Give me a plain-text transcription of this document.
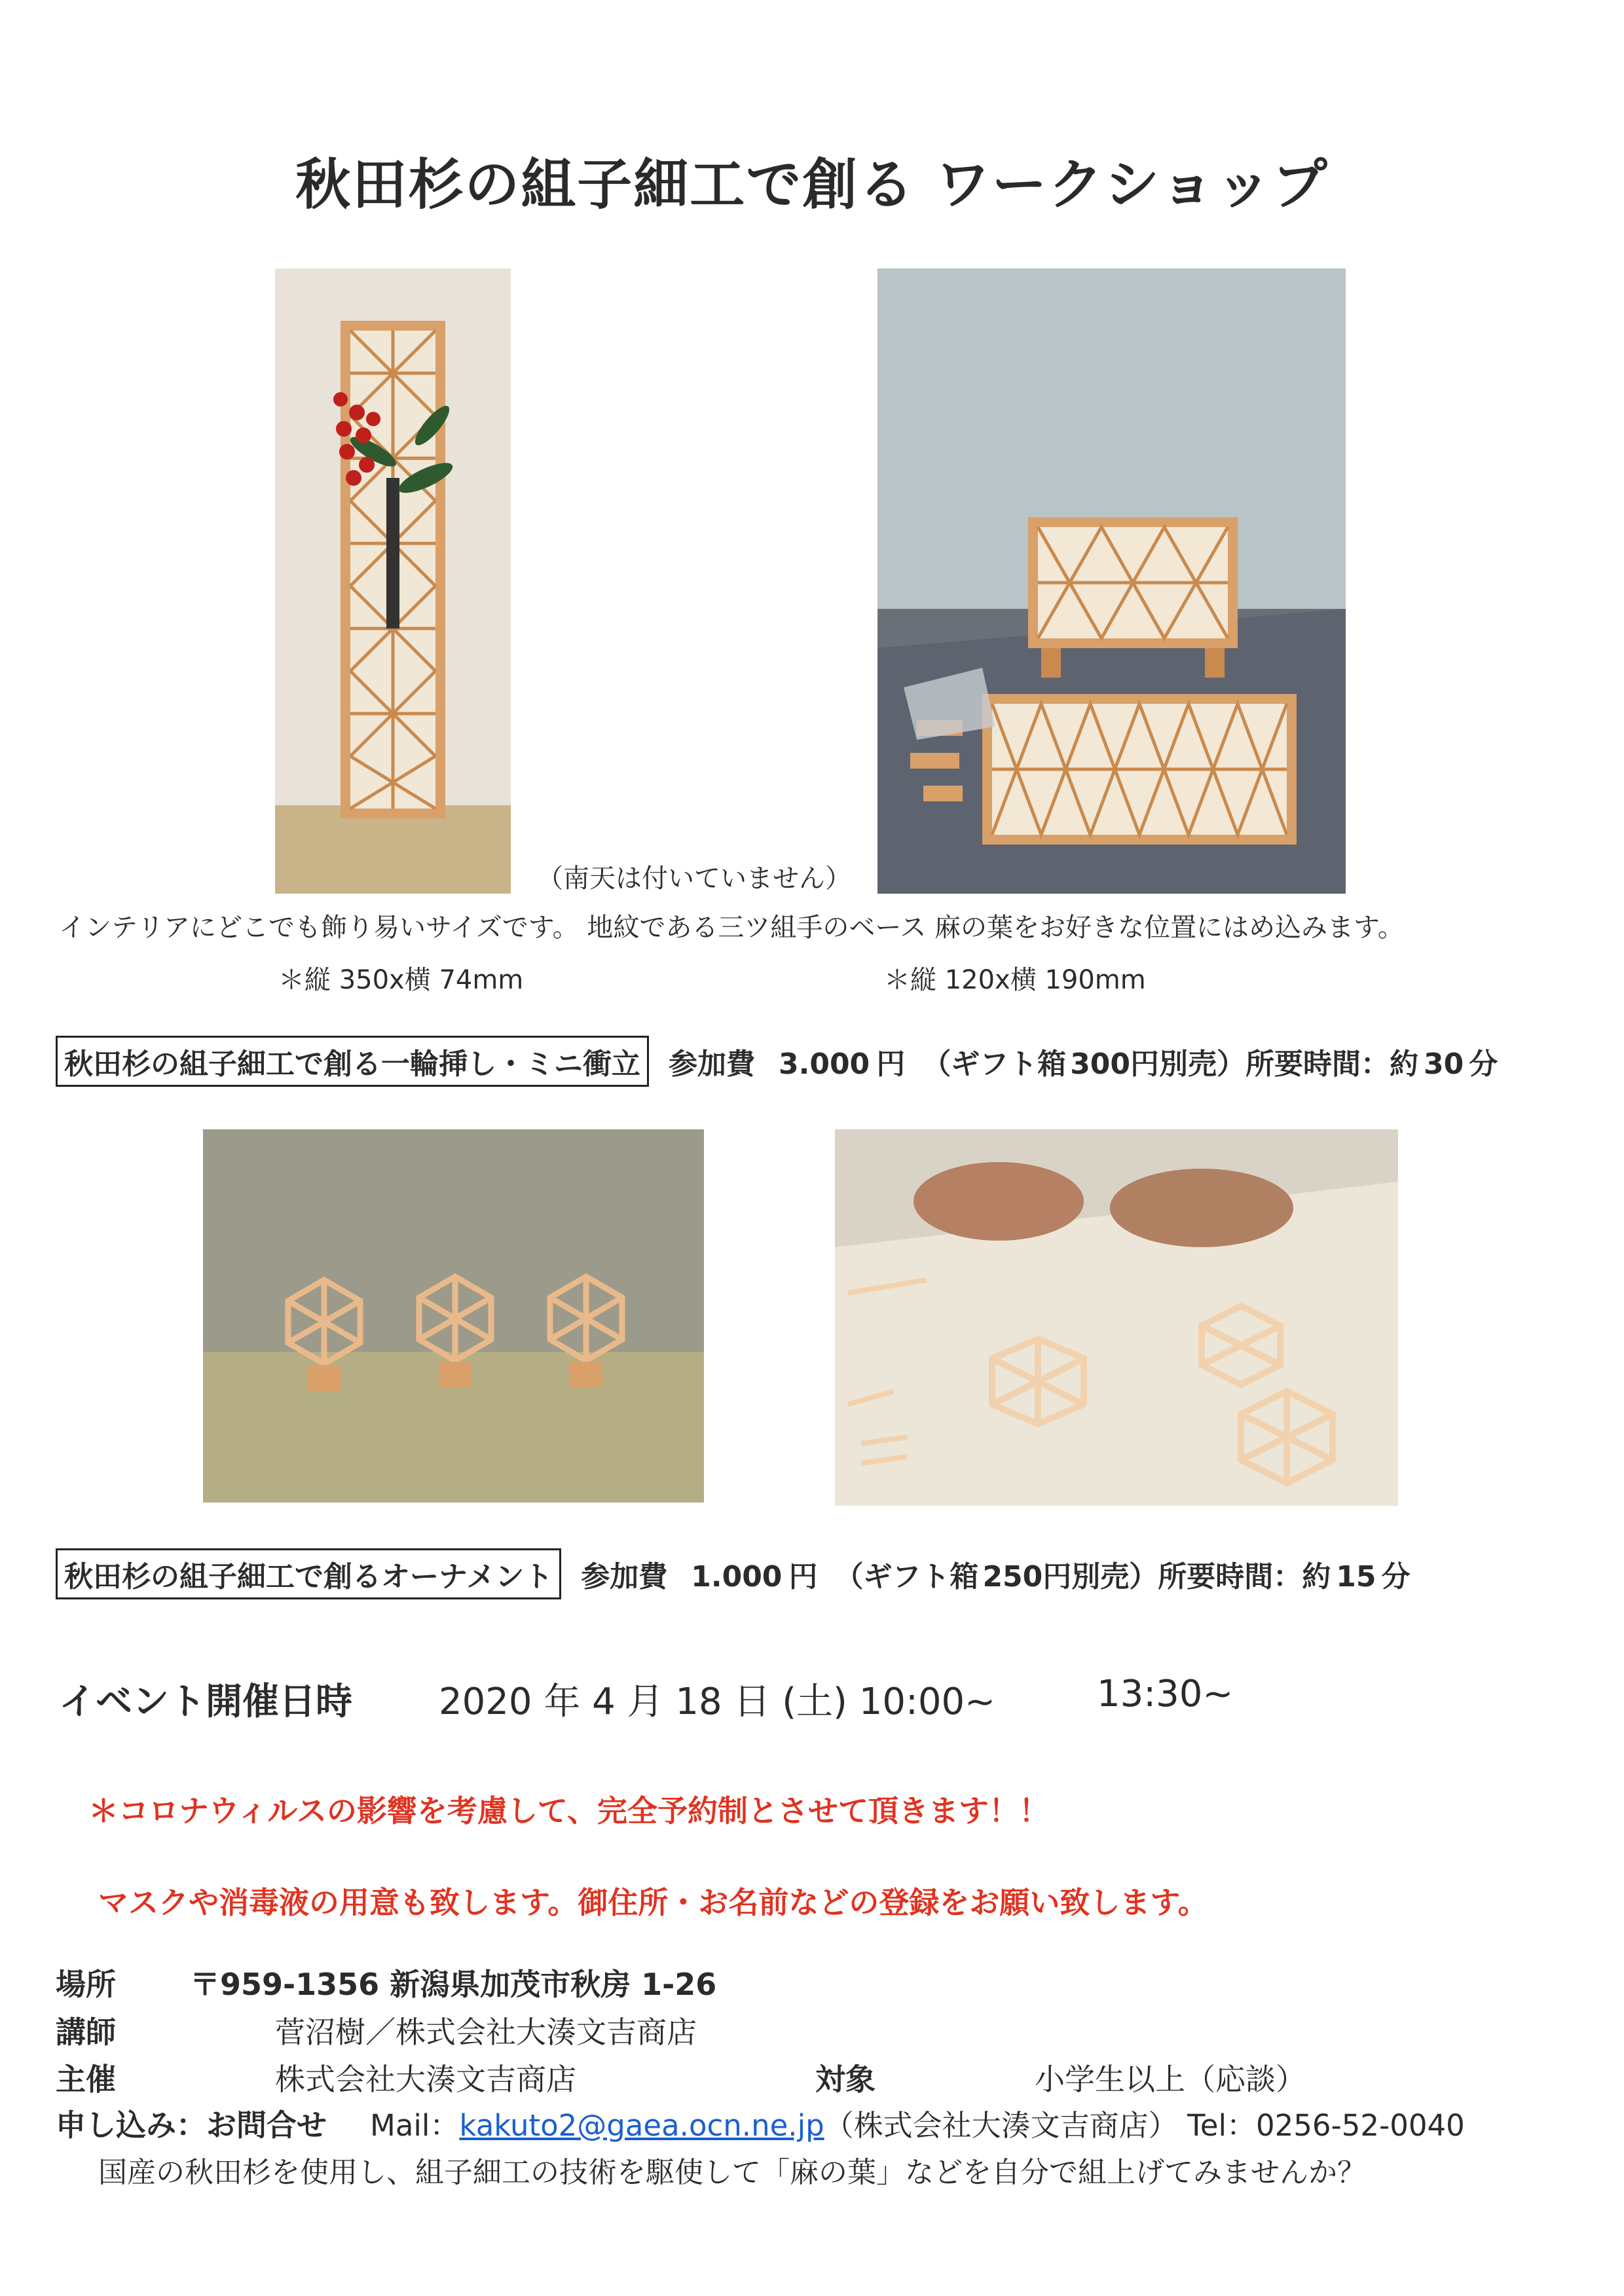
秋田杉の組子細工で創る ワークショップ
（南天は付いていません）
インテリアにどこでも飾り易いサイズです。 地紋である三ツ組手のベース 麻の葉をお好きな位置にはめ込みます。
＊縦 350x横 74mm	＊縦 120x横 190mm
秋田杉の組子細工で創る一輪挿し・ミニ衝立 参加費 3.000 円 （ギフト箱 300 円別売）所要時間：約 30 分
秋田杉の組子細工で創るオーナメント 参加費 1.000 円 （ギフト箱 250 円別売）所要時間：約 15 分
イベント開催日時 2020 年 4 月 18 日 (土) 10:00~	13:30~
＊コロナウィルスの影響を考慮して、完全予約制とさせて頂きます！！
マスクや消毒液の用意も致します。御住所・お名前などの登録をお願い致します。
場所 〒959-1356 新潟県加茂市秋房 1-26
講師	菅沼樹／株式会社大湊文吉商店
主催	株式会社大湊文吉商店	対象	小学生以上（応談）
申し込み：お問合せ Mail： kakuto2@gaea.ocn.ne.jp （株式会社大湊文吉商店） Tel：0256-52-0040
国産の秋田杉を使用し、組子細工の技術を駆使して「麻の葉」などを自分で組上げてみませんか？
